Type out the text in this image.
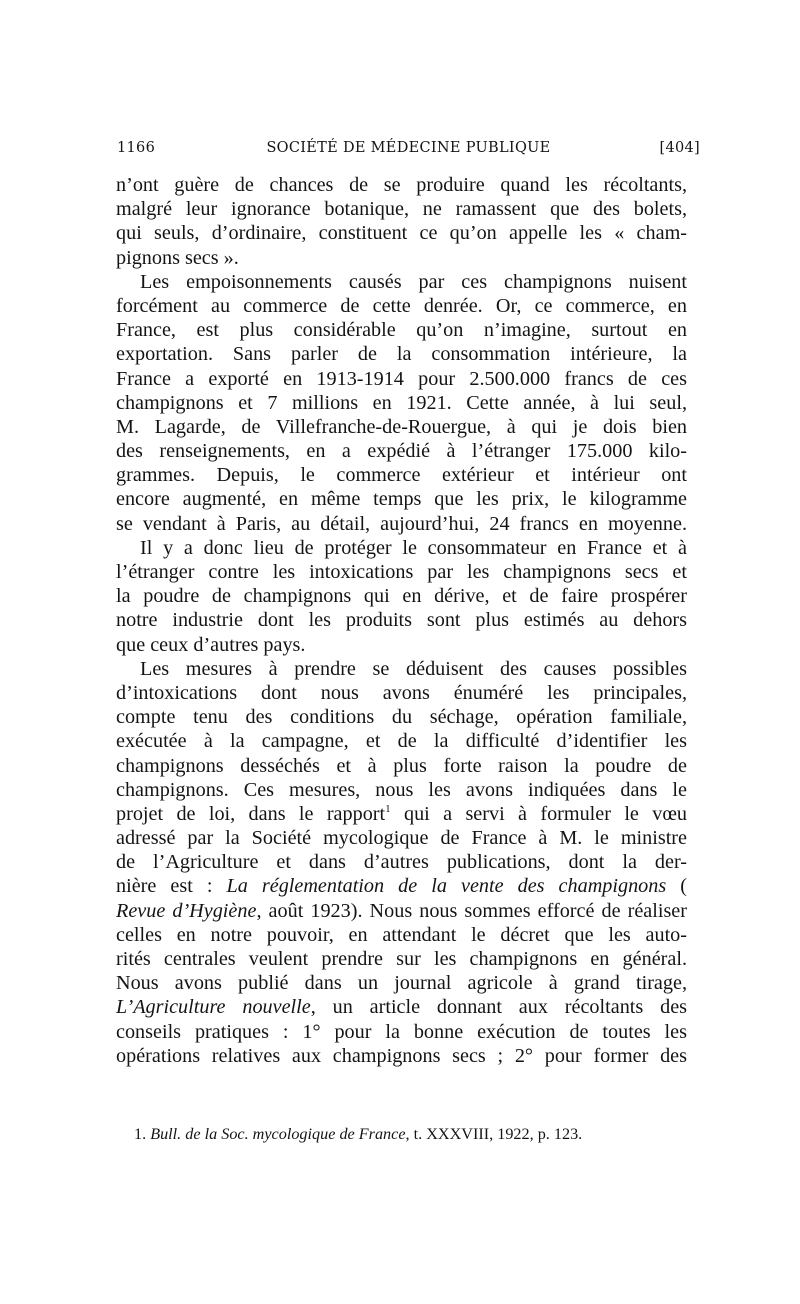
1166	SOCIÉTÉ DE MÉDECINE PUBLIQUE	[404]
n’ont guère de chances de se produire quand les récoltants,
malgré leur ignorance botanique, ne ramassent que des bolets,
qui seuls, d’ordinaire, constituent ce qu’on appelle les « cham-
pignons secs ».
Les empoisonnements causés par ces champignons nuisent
forcément au commerce de cette denrée. Or, ce commerce, en
France, est plus considérable qu’on n’imagine, surtout en
exportation. Sans parler de la consommation intérieure, la
France a exporté en 1913-1914 pour 2.500.000 francs de ces
champignons et 7 millions en 1921. Cette année, à lui seul,
M. Lagarde, de Villefranche-de-Rouergue, à qui je dois bien
des renseignements, en a expédié à l’étranger 175.000 kilo-
grammes. Depuis, le commerce extérieur et intérieur ont
encore augmenté, en même temps que les prix, le kilogramme
se vendant à Paris, au détail, aujourd’hui, 24 francs en moyenne.
Il y a donc lieu de protéger le consommateur en France et à
l’étranger contre les intoxications par les champignons secs et
la poudre de champignons qui en dérive, et de faire prospérer
notre industrie dont les produits sont plus estimés au dehors
que ceux d’autres pays.
Les mesures à prendre se déduisent des causes possibles
d’intoxications dont nous avons énuméré les principales,
compte tenu des conditions du séchage, opération familiale,
exécutée à la campagne, et de la difficulté d’identifier les
champignons desséchés et à plus forte raison la poudre de
champignons. Ces mesures, nous les avons indiquées dans le
projet de loi, dans le rapport$^1$ qui a servi à formuler le vœu
adressé par la Société mycologique de France à M. le ministre
de l’Agriculture et dans d’autres publications, dont la der-
nière est : La réglementation de la vente des champignons (
Revue d’Hygiène, août 1923). Nous nous sommes efforcé de réaliser
celles en notre pouvoir, en attendant le décret que les auto-
rités centrales veulent prendre sur les champignons en général.
Nous avons publié dans un journal agricole à grand tirage,
L’Agriculture nouvelle, un article donnant aux récoltants des
conseils pratiques : 1° pour la bonne exécution de toutes les
opérations relatives aux champignons secs ; 2° pour former des
1. Bull. de la Soc. mycologique de France, t. XXXVIII, 1922, p. 123.
